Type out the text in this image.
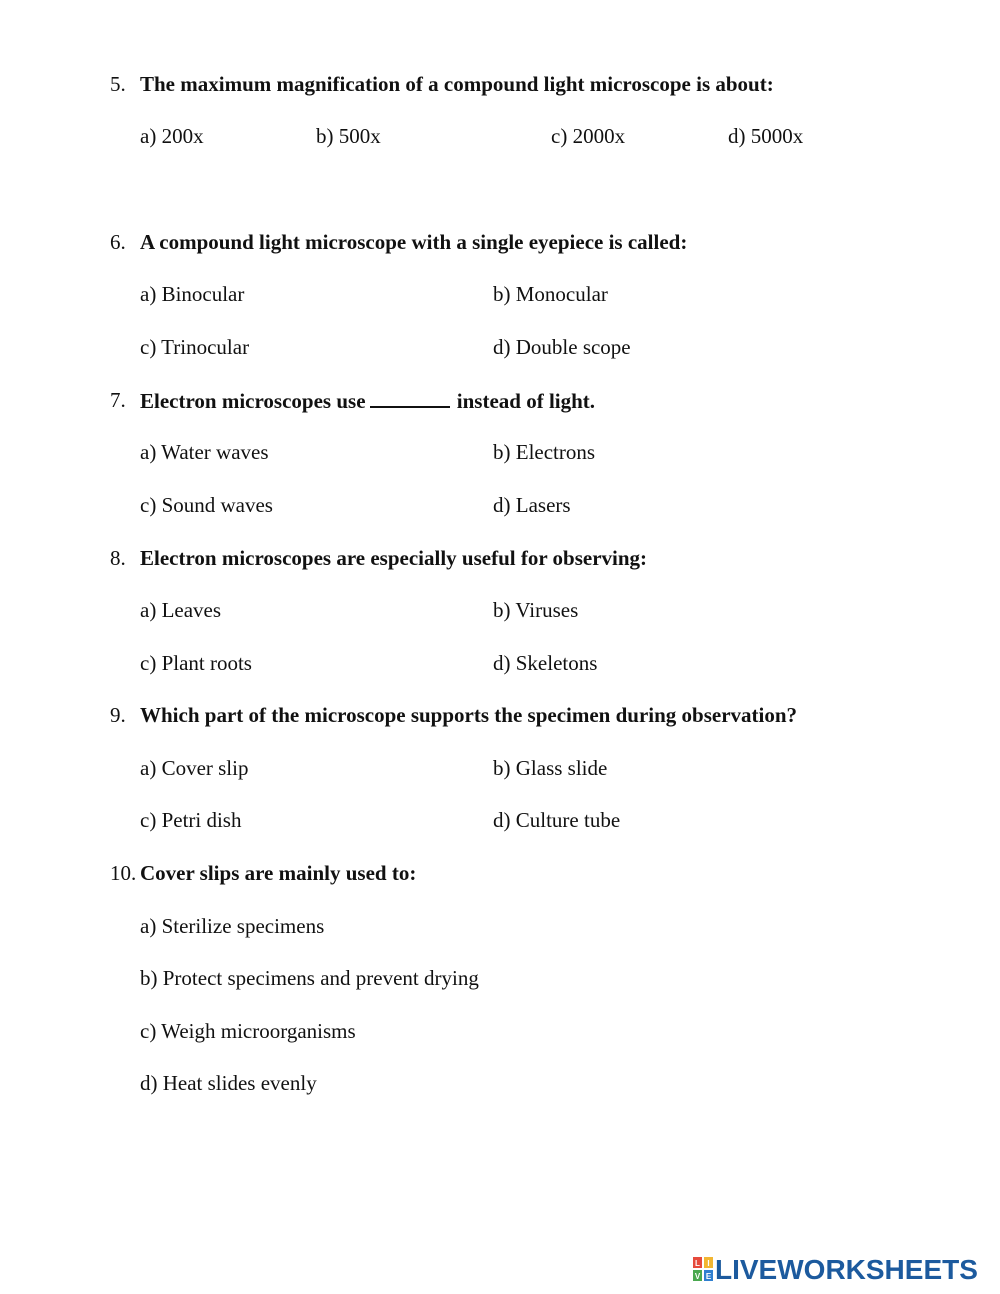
5. The maximum magnification of a compound light microscope is about:
a) 200x	b) 500x	c) 2000x	d) 5000x
6. A compound light microscope with a single eyepiece is called:
a) Binocular	b) Monocular
c) Trinocular	d) Double scope
7. Electron microscopes use	instead of light.
a) Water waves	b) Electrons
c) Sound waves	d) Lasers
8. Electron microscopes are especially useful for observing:
a) Leaves	b) Viruses
c) Plant roots	d) Skeletons
9. Which part of the microscope supports the specimen during observation?
a) Cover slip	b) Glass slide
c) Petri dish	d) Culture tube
10. Cover slips are mainly used to:
a) Sterilize specimens
b) Protect specimens and prevent drying
c) Weigh microorganisms
d) Heat slides evenly
L I
V E LIVEWORKSHEETS
